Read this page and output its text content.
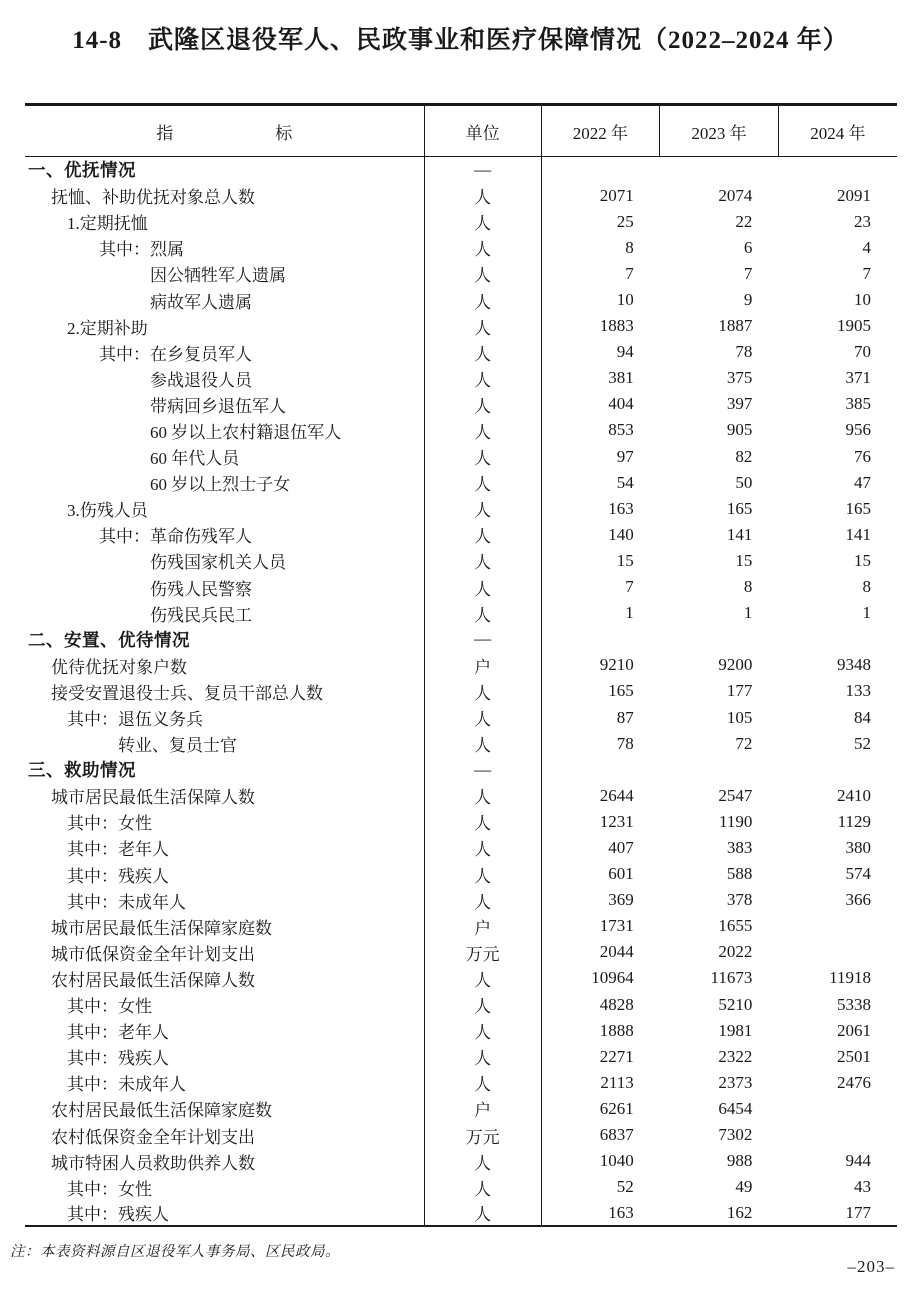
14-8　武隆区退役军人、民政事业和医疗保障情况（2022–2024 年）
指标	单位	2022 年	2023 年	2024 年
一、优抚情况	—			
抚恤、补助优抚对象总人数	人	2071	2074	2091
1.定期抚恤	人	25	22	23
其中：烈属	人	8	6	4
因公牺牲军人遗属	人	7	7	7
病故军人遗属	人	10	9	10
2.定期补助	人	1883	1887	1905
其中：在乡复员军人	人	94	78	70
参战退役人员	人	381	375	371
带病回乡退伍军人	人	404	397	385
60 岁以上农村籍退伍军人	人	853	905	956
60 年代人员	人	97	82	76
60 岁以上烈士子女	人	54	50	47
3.伤残人员	人	163	165	165
其中：革命伤残军人	人	140	141	141
伤残国家机关人员	人	15	15	15
伤残人民警察	人	7	8	8
伤残民兵民工	人	1	1	1
二、安置、优待情况	—			
优待优抚对象户数	户	9210	9200	9348
接受安置退役士兵、复员干部总人数	人	165	177	133
其中：退伍义务兵	人	87	105	84
转业、复员士官	人	78	72	52
三、救助情况	—			
城市居民最低生活保障人数	人	2644	2547	2410
其中：女性	人	1231	1190	1129
其中：老年人	人	407	383	380
其中：残疾人	人	601	588	574
其中：未成年人	人	369	378	366
城市居民最低生活保障家庭数	户	1731	1655	
城市低保资金全年计划支出	万元	2044	2022	
农村居民最低生活保障人数	人	10964	11673	11918
其中：女性	人	4828	5210	5338
其中：老年人	人	1888	1981	2061
其中：残疾人	人	2271	2322	2501
其中：未成年人	人	2113	2373	2476
农村居民最低生活保障家庭数	户	6261	6454	
农村低保资金全年计划支出	万元	6837	7302	
城市特困人员救助供养人数	人	1040	988	944
其中：女性	人	52	49	43
其中：残疾人	人	163	162	177
注：本表资料源自区退役军人事务局、区民政局。
–203–
